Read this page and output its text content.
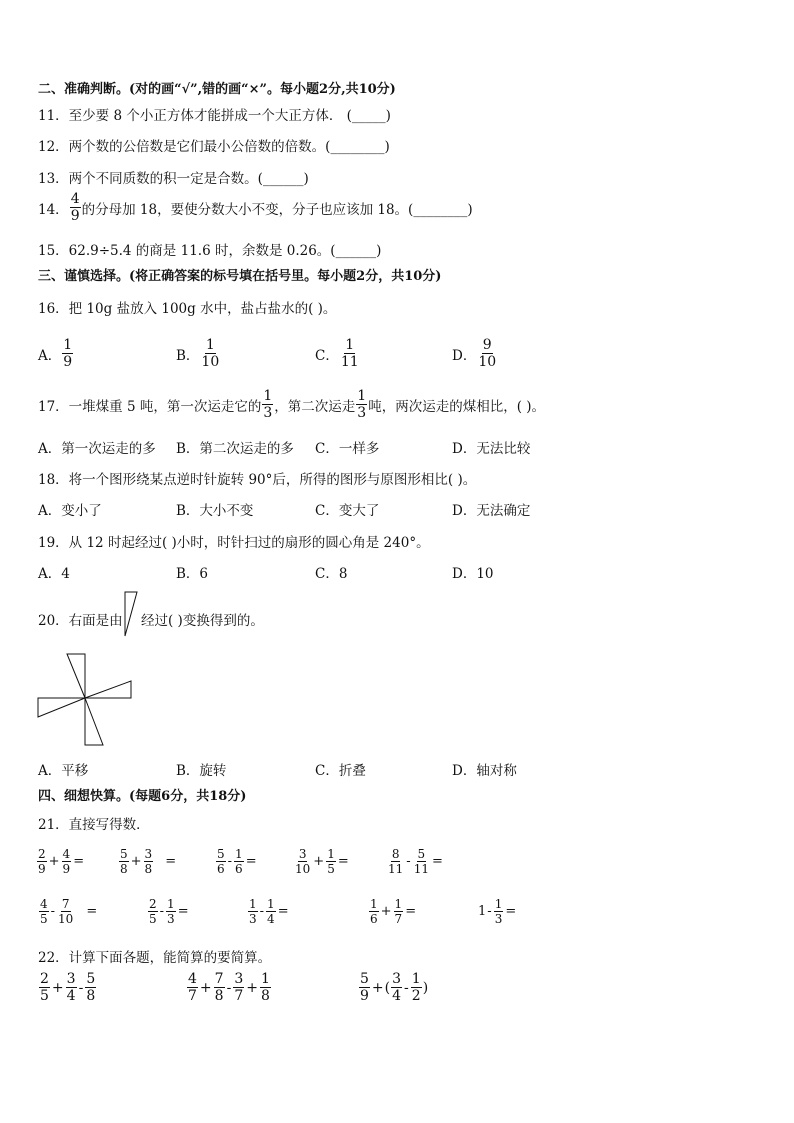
二、准确判断。(对的画“√”,错的画“×”。每小题2分,共10分)
11．至少要 8 个小正方体才能拼成一个大正方体． (_____)
12．两个数的公倍数是它们最小公倍数的倍数。(________)
13．两个不同质数的积一定是合数。(______)
14． $\frac{4}{9}$ 的分母加 18，要使分数大小不变，分子也应该加 18。(________)
15．62.9÷5.4 的商是 11.6 时，余数是 0.26。(______)
三、谨慎选择。(将正确答案的标号填在括号里。每小题2分，共10分)
16．把 10g 盐放入 100g 水中，盐占盐水的( )。
A． $\frac{1}{9}$	B． $\frac{1}{10}$	C． $\frac{1}{11}$	D． $\frac{9}{10}$
17．一堆煤重 5 吨，第一次运走它的 $\frac{1}{3}$ ，第二次运走 $\frac{1}{3}$ 吨，两次运走的煤相比，( )。
A．第一次运走的多 B．第二次运走的多 C．一样多	D．无法比较
18．将一个图形绕某点逆时针旋转 90°后，所得的图形与原图形相比( )。
A．变小了	B．大小不变	C．变大了	D．无法确定
19．从 12 时起经过( )小时，时针扫过的扇形的圆心角是 240°。
A．4	B．6	C．8	D．10
20．右面是由 经过( )变换得到的。
A．平移	B．旋转	C．折叠	D．轴对称
四、细想快算。(每题6分，共18分)
21．直接写得数．
$\frac{2}{9} + \frac{4}{9}$ =	$\frac{5}{8} + \frac{3}{8}$ =	$\frac{5}{6} - \frac{1}{6}$ =	$\frac{3}{10} + \frac{1}{5}$ =	$\frac{8}{11} - \frac{5}{11}$ =
$\frac{4}{5} - \frac{7}{10}$ =	$\frac{2}{5} - \frac{1}{3}$ =	$\frac{1}{3} - \frac{1}{4}$ =	$\frac{1}{6} + \frac{1}{7}$ =	$1 - \frac{1}{3}$ =
22．计算下面各题，能简算的要简算。
$\frac{2}{5} + \frac{3}{4} - \frac{5}{8}$	$\frac{4}{7} + \frac{7}{8} - \frac{3}{7} + \frac{1}{8}$	$\frac{5}{9}$ + ( $\frac{3}{4} - \frac{1}{2}$ )
